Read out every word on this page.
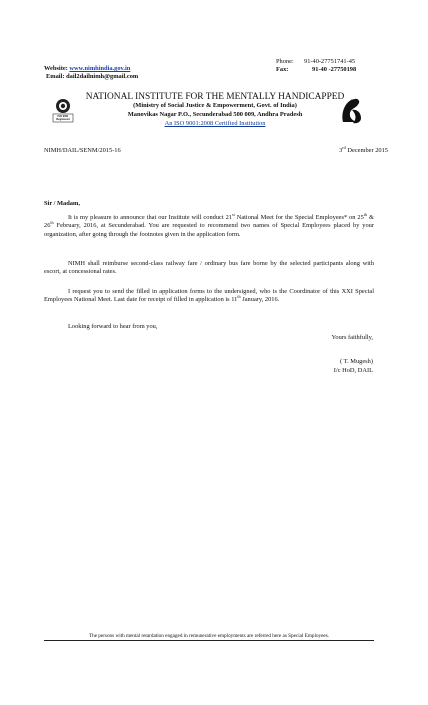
Phone:	91-40-27751741-45
Fax:	91-40 -27750198
Website: www.nimhindia.gov.in
Email: dail2dailnimh@gmail.com
ISO 9001
Registered
NATIONAL INSTITUTE FOR THE MENTALLY HANDICAPPED
(Ministry of Social Justice & Empowerment, Govt. of India)
Manovikas Nagar P.O., Secunderabad 500 009, Andhra Pradesh
An ISO 9001:2008 Certified Institution
NIMH/DAIL/SENM/2015-16	3rd December 2015
Sir / Madam,
It is my pleasure to announce that our Institute will conduct 21st National Meet for the Special Employees* on 25th & 26th February, 2016, at Secunderabad. You are requested to recommend two names of Special Employees placed by your organization, after going through the footnotes given in the application form.
NIMH shall reimburse second-class railway fare / ordinary bus fare borne by the selected participants along with escort, at concessional rates.
I request you to send the filled in application forms to the undersigned, who is the Coordinator of this XXI Special Employees National Meet. Last date for receipt of filled in application is 11th January, 2016.
Looking forward to hear from you,
Yours faithfully,
( T. Mugesh)
I/c HoD, DAIL
The persons with mental retardation engaged in remunerative employments are referred here as Special Employees.
